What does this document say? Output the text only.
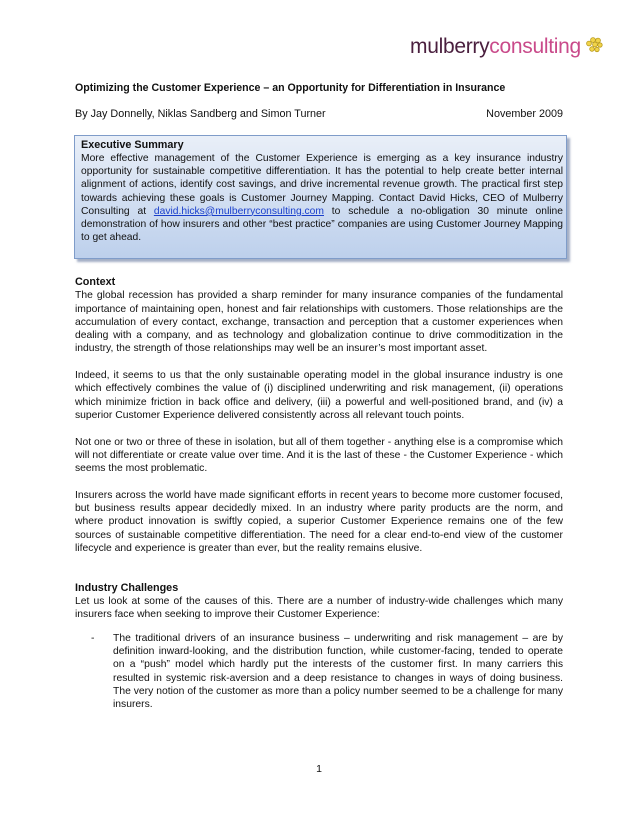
mulberryconsulting
Optimizing the Customer Experience – an Opportunity for Differentiation in Insurance
By Jay Donnelly, Niklas Sandberg and Simon Turner	November 2009
Executive Summary
More effective management of the Customer Experience is emerging as a key insurance industry opportunity for sustainable competitive differentiation. It has the potential to help create better internal alignment of actions, identify cost savings, and drive incremental revenue growth. The practical first step towards achieving these goals is Customer Journey Mapping. Contact David Hicks, CEO of Mulberry Consulting at david.hicks@mulberryconsulting.com to schedule a no-obligation 30 minute online demonstration of how insurers and other “best practice” companies are using Customer Journey Mapping to get ahead.
Context

The global recession has provided a sharp reminder for many insurance companies of the fundamental importance of maintaining open, honest and fair relationships with customers. Those relationships are the accumulation of every contact, exchange, transaction and perception that a customer experiences when dealing with a company, and as technology and globalization continue to drive commoditization in the industry, the strength of those relationships may well be an insurer’s most important asset.

Indeed, it seems to us that the only sustainable operating model in the global insurance industry is one which effectively combines the value of (i) disciplined underwriting and risk management, (ii) operations which minimize friction in back office and delivery, (iii) a powerful and well-positioned brand, and (iv) a superior Customer Experience delivered consistently across all relevant touch points.

Not one or two or three of these in isolation, but all of them together - anything else is a compromise which will not differentiate or create value over time. And it is the last of these - the Customer Experience - which seems the most problematic.

Insurers across the world have made significant efforts in recent years to become more customer focused, but business results appear decidedly mixed. In an industry where parity products are the norm, and where product innovation is swiftly copied, a superior Customer Experience remains one of the few sources of sustainable competitive differentiation. The need for a clear end-to-end view of the customer lifecycle and experience is greater than ever, but the reality remains elusive.

Industry Challenges

Let us look at some of the causes of this. There are a number of industry-wide challenges which many insurers face when seeking to improve their Customer Experience:

-	The traditional drivers of an insurance business – underwriting and risk management – are by definition inward-looking, and the distribution function, while customer-facing, tended to operate on a “push” model which hardly put the interests of the customer first. In many carriers this resulted in systemic risk-aversion and a deep resistance to changes in ways of doing business. The very notion of the customer as more than a policy number seemed to be a challenge for many insurers.
1
